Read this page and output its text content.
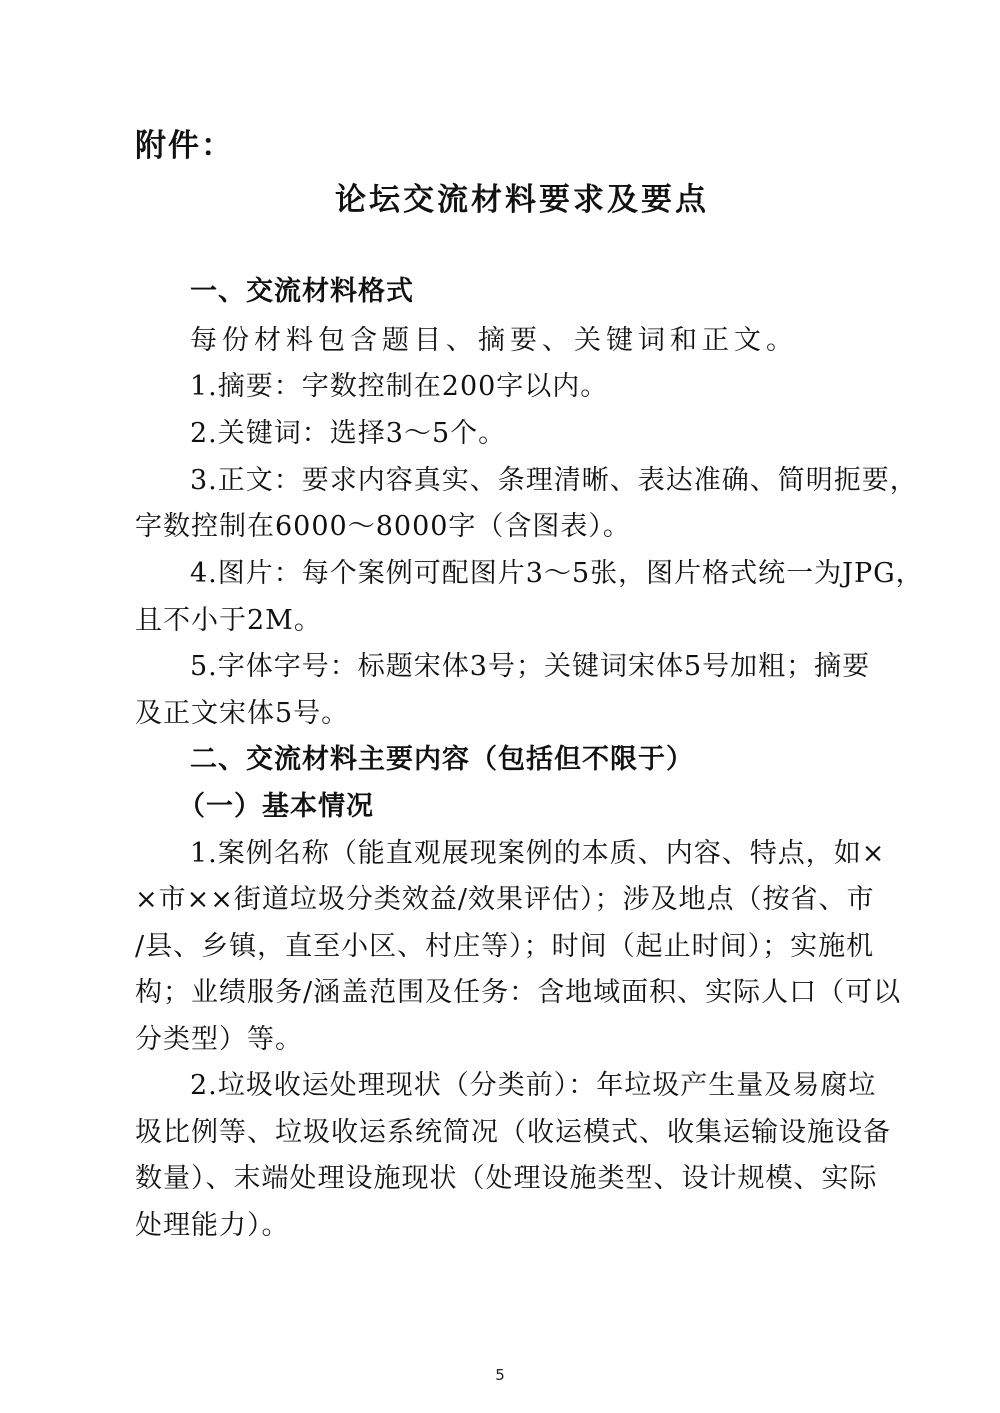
附件：
论坛交流材料要求及要点
一、交流材料格式
每份材料包含题目、摘要、关键词和正文。
1.摘要：字数控制在200字以内。
2.关键词：选择3～5个。
3.正文：要求内容真实、条理清晰、表达准确、简明扼要，
字数控制在6000～8000字（含图表）。
4.图片：每个案例可配图片3～5张，图片格式统一为JPG，
且不小于2M。
5.字体字号：标题宋体3号；关键词宋体5号加粗；摘要
及正文宋体5号。
二、交流材料主要内容（包括但不限于）
（一）基本情况
1.案例名称（能直观展现案例的本质、内容、特点，如×
×市××街道垃圾分类效益/效果评估）；涉及地点（按省、市
/县、乡镇，直至小区、村庄等）；时间（起止时间）；实施机
构；业绩服务/涵盖范围及任务：含地域面积、实际人口（可以
分类型）等。
2.垃圾收运处理现状（分类前）：年垃圾产生量及易腐垃
圾比例等、垃圾收运系统简况（收运模式、收集运输设施设备
数量）、末端处理设施现状（处理设施类型、设计规模、实际
处理能力）。
5
